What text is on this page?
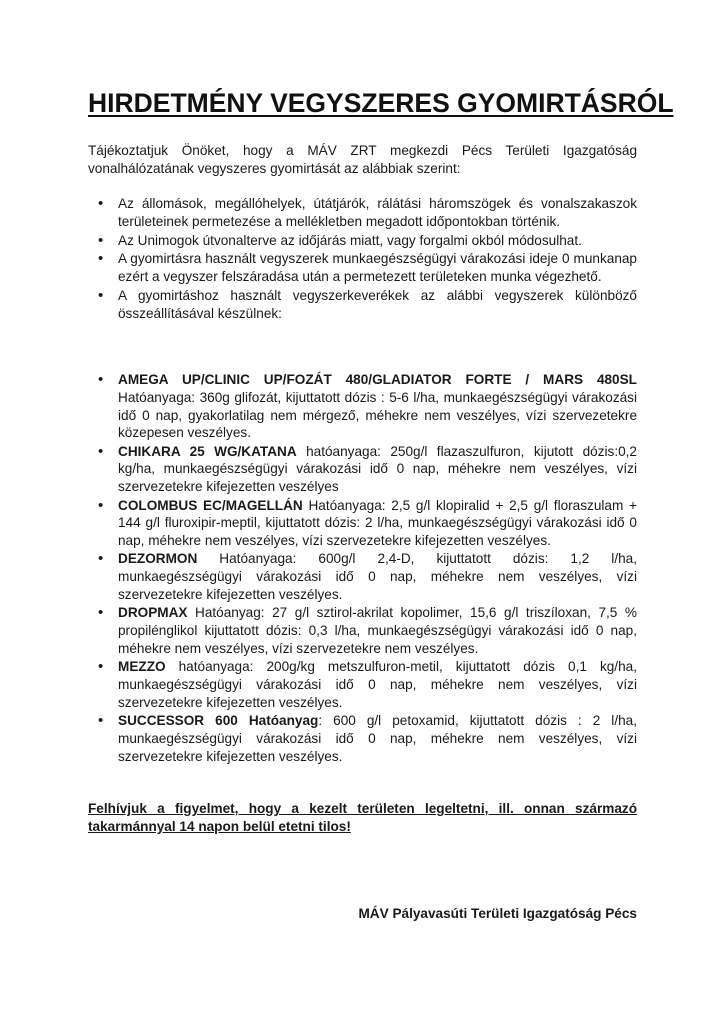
HIRDETMÉNY VEGYSZERES GYOMIRTÁSRÓL

Tájékoztatjuk Önöket, hogy a MÁV ZRT megkezdi Pécs Területi Igazgatóság vonalhálózatának vegyszeres gyomirtását az alábbiak szerint:

• Az állomások, megállóhelyek, útátjárók, rálátási háromszögek és vonalszakaszok területeinek permetezése a mellékletben megadott időpontokban történik.
• Az Unimogok útvonalterve az időjárás miatt, vagy forgalmi okból módosulhat.
• A gyomirtásra használt vegyszerek munkaegészségügyi várakozási ideje 0 munkanap ezért a vegyszer felszáradása után a permetezett területeken munka végezhető.
• A gyomirtáshoz használt vegyszerkeverékek az alábbi vegyszerek különböző összeállításával készülnek:
• AMEGA UP/CLINIC UP/FOZÁT 480/GLADIATOR FORTE / MARS 480SL Hatóanyaga: 360g glifozát, kijuttatott dózis : 5-6 l/ha, munkaegészségügyi várakozási idő 0 nap, gyakorlatilag nem mérgező, méhekre nem veszélyes, vízi szervezetekre közepesen veszélyes.
• CHIKARA 25 WG/KATANA hatóanyaga: 250g/l flazaszulfuron, kijutott dózis:0,2 kg/ha, munkaegészségügyi várakozási idő 0 nap, méhekre nem veszélyes, vízi szervezetekre kifejezetten veszélyes
• COLOMBUS EC/MAGELLÁN Hatóanyaga: 2,5 g/l klopiralid + 2,5 g/l floraszulam + 144 g/l fluroxipir-meptil, kijuttatott dózis: 2 l/ha, munkaegészségügyi várakozási idő 0 nap, méhekre nem veszélyes, vízi szervezetekre kifejezetten veszélyes.
• DEZORMON Hatóanyaga: 600g/l 2,4-D, kijuttatott dózis: 1,2 l/ha, munkaegészségügyi várakozási idő 0 nap, méhekre nem veszélyes, vízi szervezetekre kifejezetten veszélyes.
• DROPMAX Hatóanyag: 27 g/l sztirol-akrilat kopolimer, 15,6 g/l triszíloxan, 7,5 % propilénglikol kijuttatott dózis: 0,3 l/ha, munkaegészségügyi várakozási idő 0 nap, méhekre nem veszélyes, vízi szervezetekre nem veszélyes.
• MEZZO hatóanyaga: 200g/kg metszulfuron-metil, kijuttatott dózis 0,1 kg/ha, munkaegészségügyi várakozási idő 0 nap, méhekre nem veszélyes, vízi szervezetekre kifejezetten veszélyes.
• SUCCESSOR 600 Hatóanyag: 600 g/l petoxamid, kijuttatott dózis : 2 l/ha, munkaegészségügyi várakozási idő 0 nap, méhekre nem veszélyes, vízi szervezetekre kifejezetten veszélyes.

Felhívjuk a figyelmet, hogy a kezelt területen legeltetni, ill. onnan származó takarmánnyal 14 napon belül etetni tilos!

MÁV Pályavasúti Területi Igazgatóság Pécs
